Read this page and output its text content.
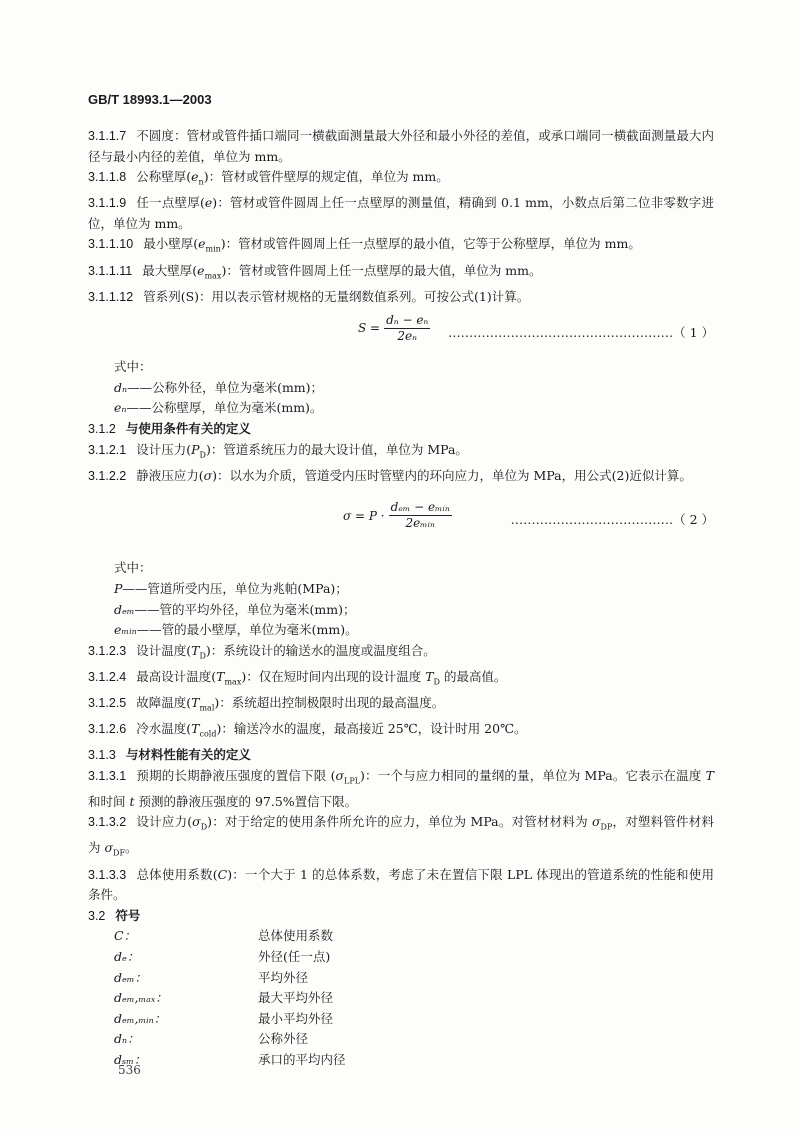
GB/T 18993.1—2003

3.1.1.7 不圆度：管材或管件插口端同一横截面测量最大外径和最小外径的差值，或承口端同一横截面测量最大内径与最小内径的差值，单位为 mm。

3.1.1.8 公称壁厚$(e_n)$：管材或管件壁厚的规定值，单位为 mm。

3.1.1.9 任一点壁厚(e)：管材或管件圆周上任一点壁厚的测量值，精确到 0.1 mm，小数点后第二位非零数字进位，单位为 mm。

3.1.1.10 最小壁厚$(e_{min})$：管材或管件圆周上任一点壁厚的最小值，它等于公称壁厚，单位为 mm。

3.1.1.11 最大壁厚$(e_{max})$：管材或管件圆周上任一点壁厚的最大值，单位为 mm。

3.1.1.12 管系列(S)：用以表示管材规格的无量纲数值系列。可按公式(1)计算。

$S = \frac{\text{dₙ − eₙ}}{\text{2eₙ}}$ ………………………………………………（ 1 ）

式中：

dₙ——公称外径，单位为毫米(mm)；

eₙ——公称壁厚，单位为毫米(mm)。

3.1.2 与使用条件有关的定义

3.1.2.1 设计压力$(P_D)$：管道系统压力的最大设计值，单位为 MPa。

3.1.2.2 静液压应力(σ)：以水为介质，管道受内压时管壁内的环向应力，单位为 MPa，用公式(2)近似计算。

σ = P ·
dₑₘ − eₘᵢₙ
2eₘᵢₙ	…………………………………（ 2 ）

式中：

P——管道所受内压，单位为兆帕(MPa)；

dₑₘ——管的平均外径，单位为毫米(mm)；

eₘᵢₙ——管的最小壁厚，单位为毫米(mm)。

3.1.2.3 设计温度$(T_D)$：系统设计的输送水的温度或温度组合。

3.1.2.4 最高设计温度$(T_{max})$：仅在短时间内出现的设计温度 $T_D$ 的最高值。

3.1.2.5 故障温度$(T_{mal})$：系统超出控制极限时出现的最高温度。

3.1.2.6 冷水温度$(T_{cold})$：输送冷水的温度，最高接近 25℃，设计时用 20℃。

3.1.3 与材料性能有关的定义

3.1.3.1 预期的长期静液压强度的置信下限 $(\sigma_{LPL})$：一个与应力相同的量纲的量，单位为 MPa。它表示在温度 T 和时间 t 预测的静液压强度的 97.5%置信下限。

3.1.3.2 设计应力$(\sigma_D)$：对于给定的使用条件所允许的应力，单位为 MPa。对管材材料为 $\sigma_{DP}$，对塑料管件材料为 $\sigma_{DF}$。

3.1.3.3 总体使用系数(C)：一个大于 1 的总体系数，考虑了未在置信下限 LPL 体现出的管道系统的性能和使用条件。

3.2 符号

C：	总体使用系数
dₑ：	外径(任一点)
dₑₘ：	平均外径
dₑₘ,ₘₐₓ：	最大平均外径
dₑₘ,ₘᵢₙ：	最小平均外径
dₙ：	公称外径
dₛₘ：	承口的平均内径
536
